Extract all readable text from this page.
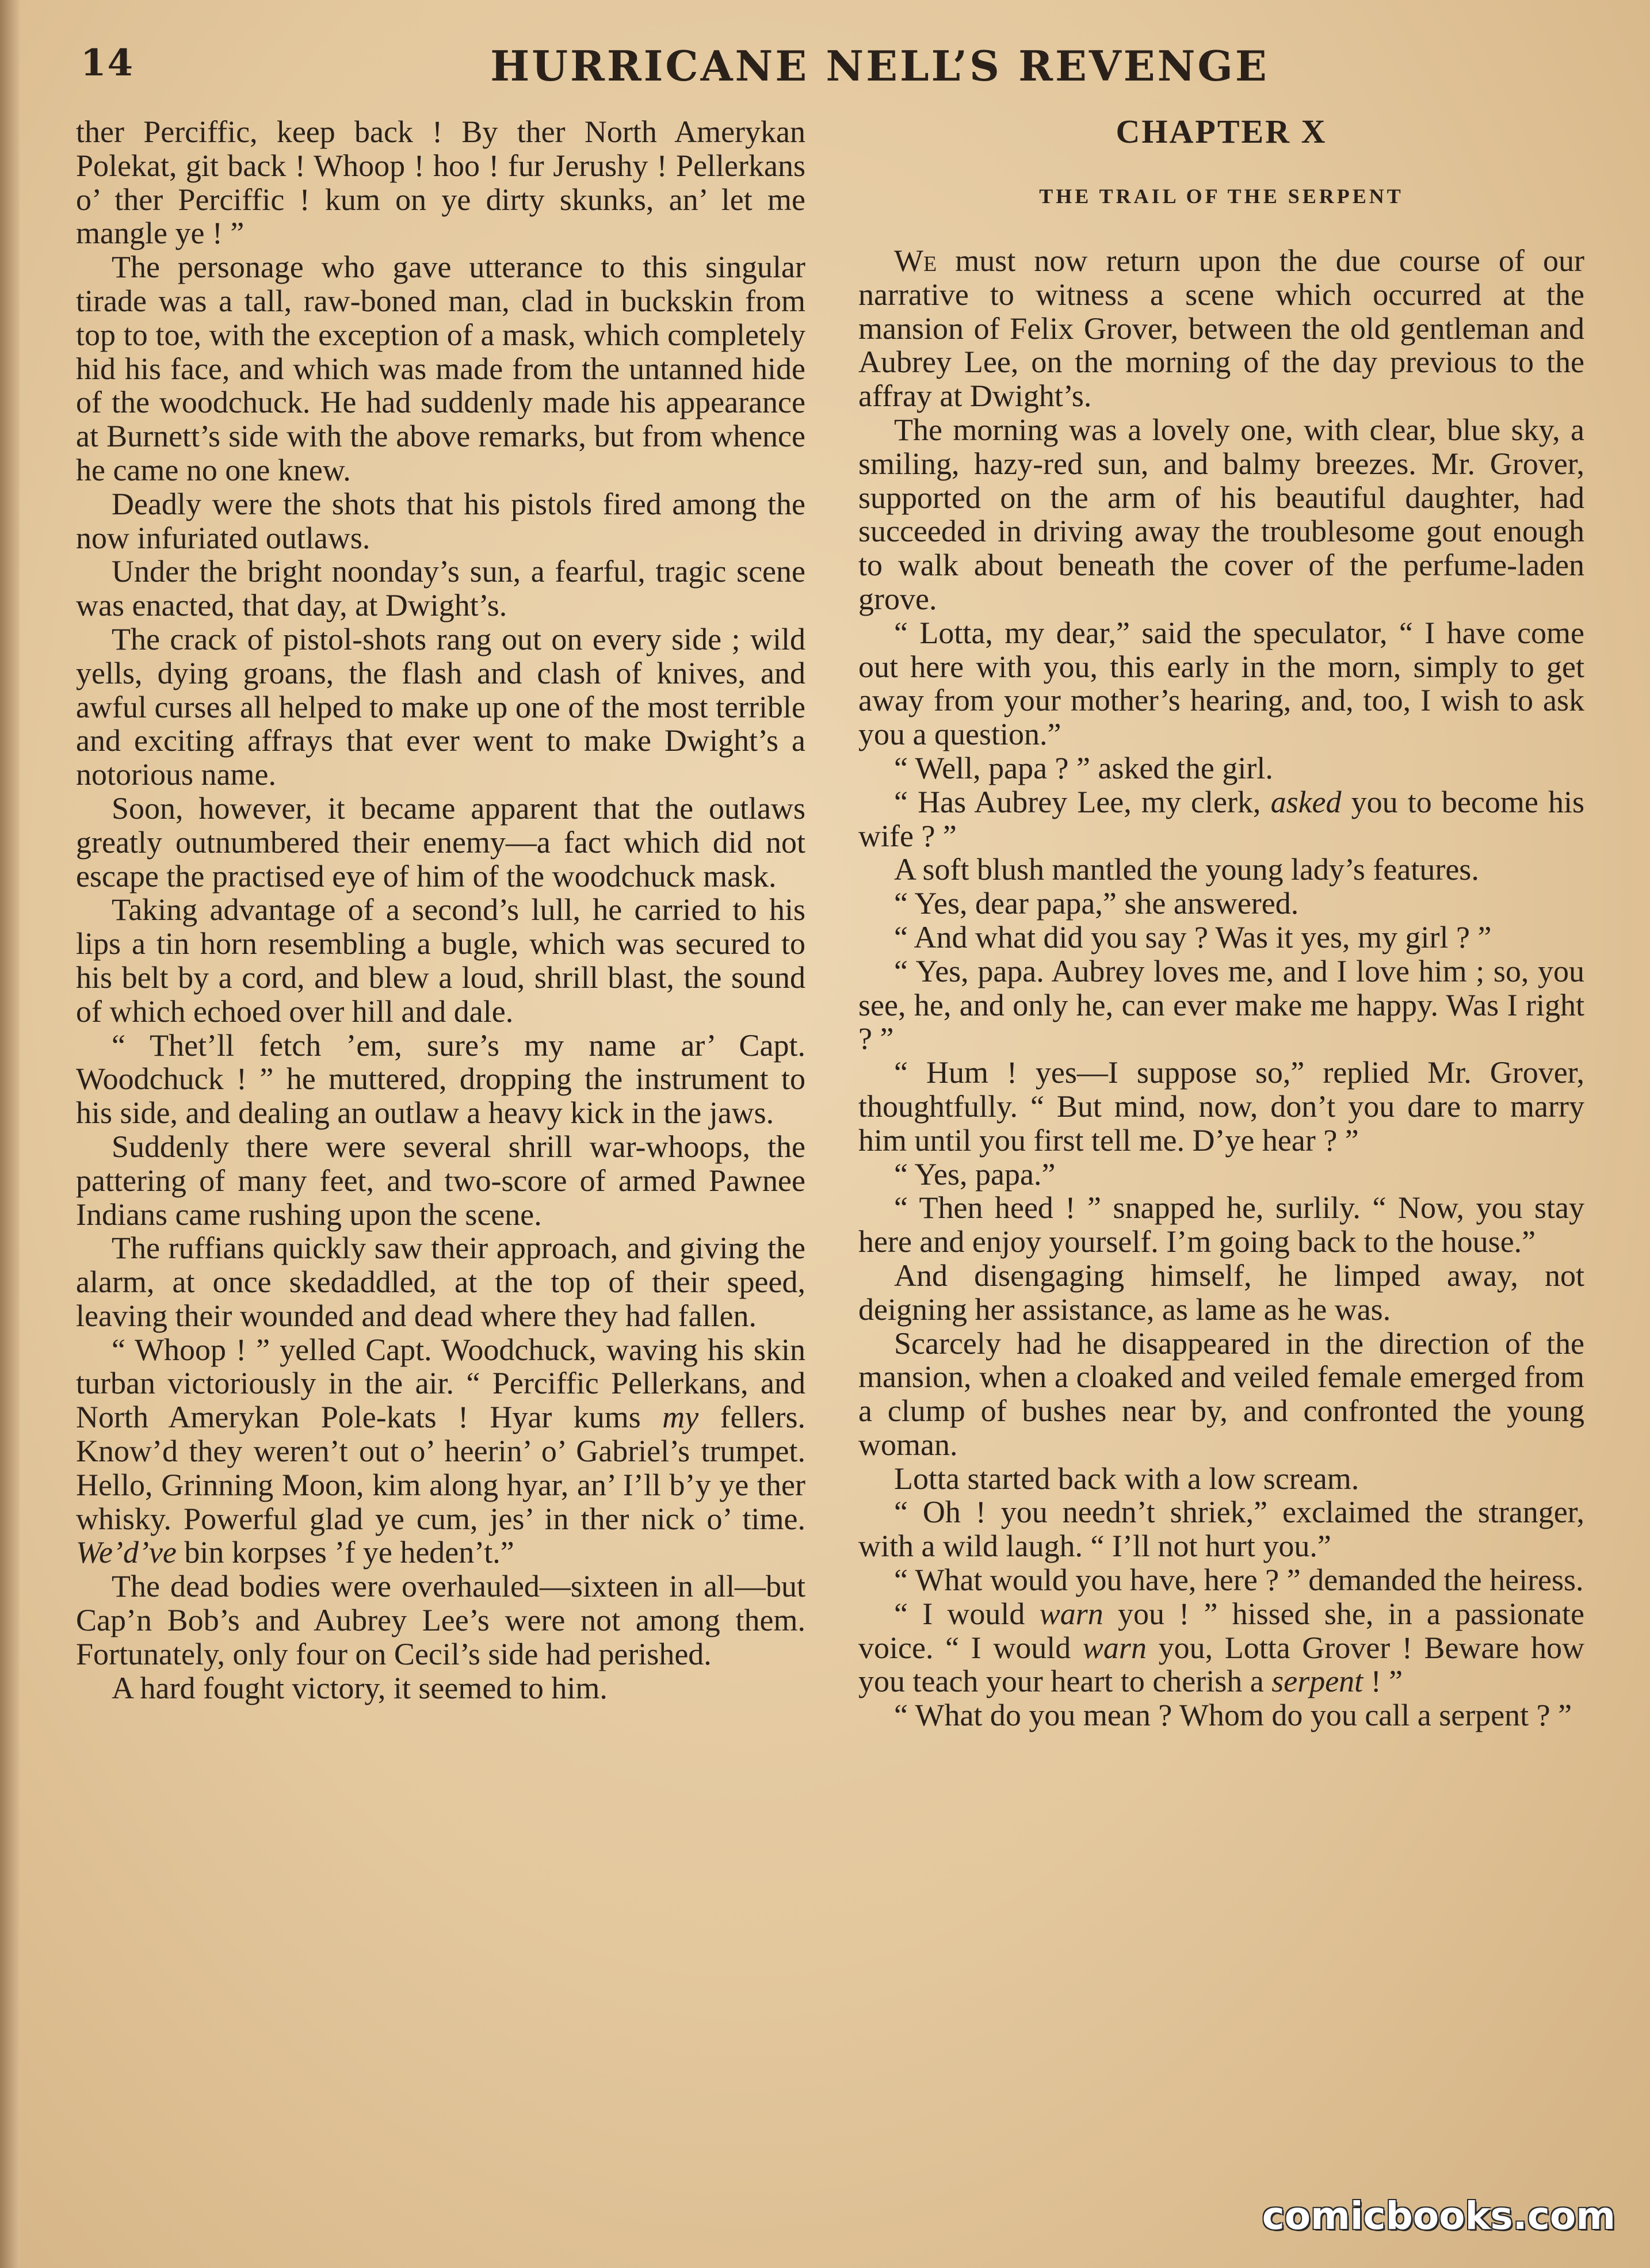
14	HURRICANE NELL’S REVENGE

ther Perciffic, keep back ! By ther North Amerykan Polekat, git back ! Whoop ! hoo ! fur Jerushy ! Pellerkans o’ ther Perciffic ! kum on ye dirty skunks, an’ let me mangle ye ! ”

The personage who gave utterance to this singular tirade was a tall, raw-boned man, clad in buckskin from top to toe, with the exception of a mask, which completely hid his face, and which was made from the untanned hide of the woodchuck. He had suddenly made his appearance at Burnett’s side with the above remarks, but from whence he came no one knew.

Deadly were the shots that his pistols fired among the now infuriated outlaws.

Under the bright noonday’s sun, a fearful, tragic scene was enacted, that day, at Dwight’s.

The crack of pistol-shots rang out on every side ; wild yells, dying groans, the flash and clash of knives, and awful curses all helped to make up one of the most terrible and exciting affrays that ever went to make Dwight’s a notorious name.

Soon, however, it became apparent that the outlaws greatly outnumbered their enemy—a fact which did not escape the practised eye of him of the woodchuck mask.

Taking advantage of a second’s lull, he carried to his lips a tin horn resembling a bugle, which was secured to his belt by a cord, and blew a loud, shrill blast, the sound of which echoed over hill and dale.

“ Thet’ll fetch ’em, sure’s my name ar’ Capt. Woodchuck ! ” he muttered, dropping the instrument to his side, and dealing an outlaw a heavy kick in the jaws.

Suddenly there were several shrill war-whoops, the pattering of many feet, and two-score of armed Pawnee Indians came rushing upon the scene.

The ruffians quickly saw their approach, and giving the alarm, at once skedaddled, at the top of their speed, leaving their wounded and dead where they had fallen.

“ Whoop ! ” yelled Capt. Woodchuck, waving his skin turban victoriously in the air. “ Perciffic Pellerkans, and North Amerykan Pole-kats ! Hyar kums my fellers. Know’d they weren’t out o’ heerin’ o’ Gabriel’s trumpet. Hello, Grinning Moon, kim along hyar, an’ I’ll b’y ye ther whisky. Powerful glad ye cum, jes’ in ther nick o’ time. We’d’ve bin korpses ’f ye heden’t.”

The dead bodies were overhauled—sixteen in all—but Cap’n Bob’s and Aubrey Lee’s were not among them. Fortunately, only four on Cecil’s side had perished.

A hard fought victory, it seemed to him.

CHAPTER X
THE TRAIL OF THE SERPENT

We must now return upon the due course of our narrative to witness a scene which occurred at the mansion of Felix Grover, between the old gentleman and Aubrey Lee, on the morning of the day previous to the affray at Dwight’s.

The morning was a lovely one, with clear, blue sky, a smiling, hazy-red sun, and balmy breezes. Mr. Grover, supported on the arm of his beautiful daughter, had succeeded in driving away the troublesome gout enough to walk about beneath the cover of the perfume-laden grove.

“ Lotta, my dear,” said the speculator, “ I have come out here with you, this early in the morn, simply to get away from your mother’s hearing, and, too, I wish to ask you a question.”

“ Well, papa ? ” asked the girl.

“ Has Aubrey Lee, my clerk, asked you to become his wife ? ”

A soft blush mantled the young lady’s features.

“ Yes, dear papa,” she answered.

“ And what did you say ? Was it yes, my girl ? ”

“ Yes, papa. Aubrey loves me, and I love him ; so, you see, he, and only he, can ever make me happy. Was I right ? ”

“ Hum ! yes—I suppose so,” replied Mr. Grover, thoughtfully. “ But mind, now, don’t you dare to marry him until you first tell me. D’ye hear ? ”

“ Yes, papa.”

“ Then heed ! ” snapped he, surlily. “ Now, you stay here and enjoy yourself. I’m going back to the house.”

And disengaging himself, he limped away, not deigning her assistance, as lame as he was.

Scarcely had he disappeared in the direction of the mansion, when a cloaked and veiled female emerged from a clump of bushes near by, and confronted the young woman.

Lotta started back with a low scream.

“ Oh ! you needn’t shriek,” exclaimed the stranger, with a wild laugh. “ I’ll not hurt you.”

“ What would you have, here ? ” demanded the heiress.

“ I would warn you ! ” hissed she, in a passionate voice. “ I would warn you, Lotta Grover ! Beware how you teach your heart to cherish a serpent ! ”

“ What do you mean ? Whom do you call a serpent ? ”

comicbooks.com
